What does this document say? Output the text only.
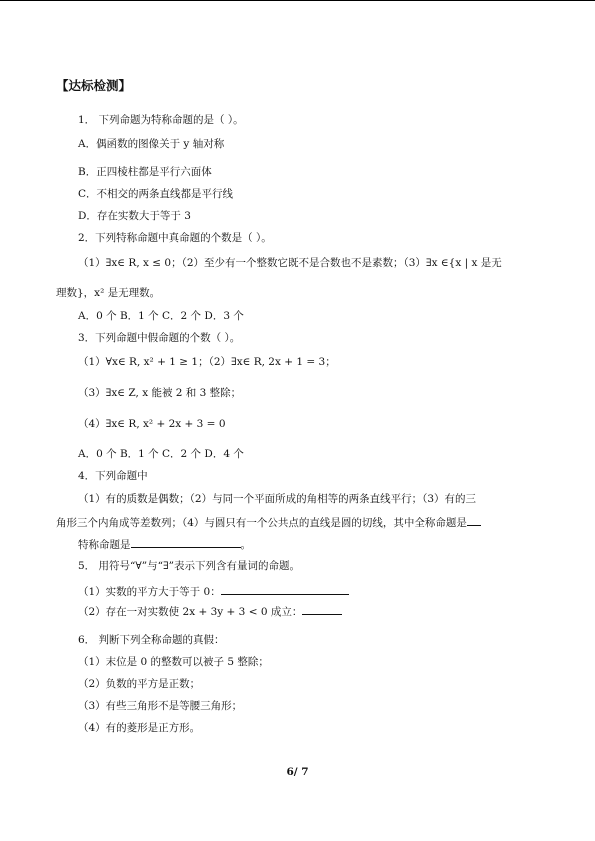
【达标检测】
1． 下列命题为特称命题的是（ ）。
A．偶函数的图像关于 y 轴对称
B．正四棱柱都是平行六面体
C．不相交的两条直线都是平行线
D．存在实数大于等于 3
2．下列特称命题中真命题的个数是（ ）。
（1）∃x∈ R, x ≤ 0；（2）至少有一个整数它既不是合数也不是素数；（3）∃x ∈{x | x 是无
理数}，x² 是无理数。
A．0 个 B．1 个 C．2 个 D．3 个
3．下列命题中假命题的个数（ ）。
（1）∀x∈ R, x² + 1 ≥ 1；（2）∃x∈ R, 2x + 1 = 3；
（3）∃x∈ Z, x 能被 2 和 3 整除；
（4）∃x∈ R, x² + 2x + 3 = 0
A．0 个 B．1 个 C．2 个 D．4 个
4．下列命题中
（1）有的质数是偶数；（2）与同一个平面所成的角相等的两条直线平行；（3）有的三
角形三个内角成等差数列；（4）与圆只有一个公共点的直线是圆的切线，其中全称命题是
特称命题是	。
5． 用符号“∀”与“∃”表示下列含有量词的命题。
（1）实数的平方大于等于 0：
（2）存在一对实数使 2x + 3y + 3 < 0 成立：
6． 判断下列全称命题的真假：
（1）末位是 0 的整数可以被子 5 整除；
（2）负数的平方是正数；
（3）有些三角形不是等腰三角形；
（4）有的菱形是正方形。
6/ 7
